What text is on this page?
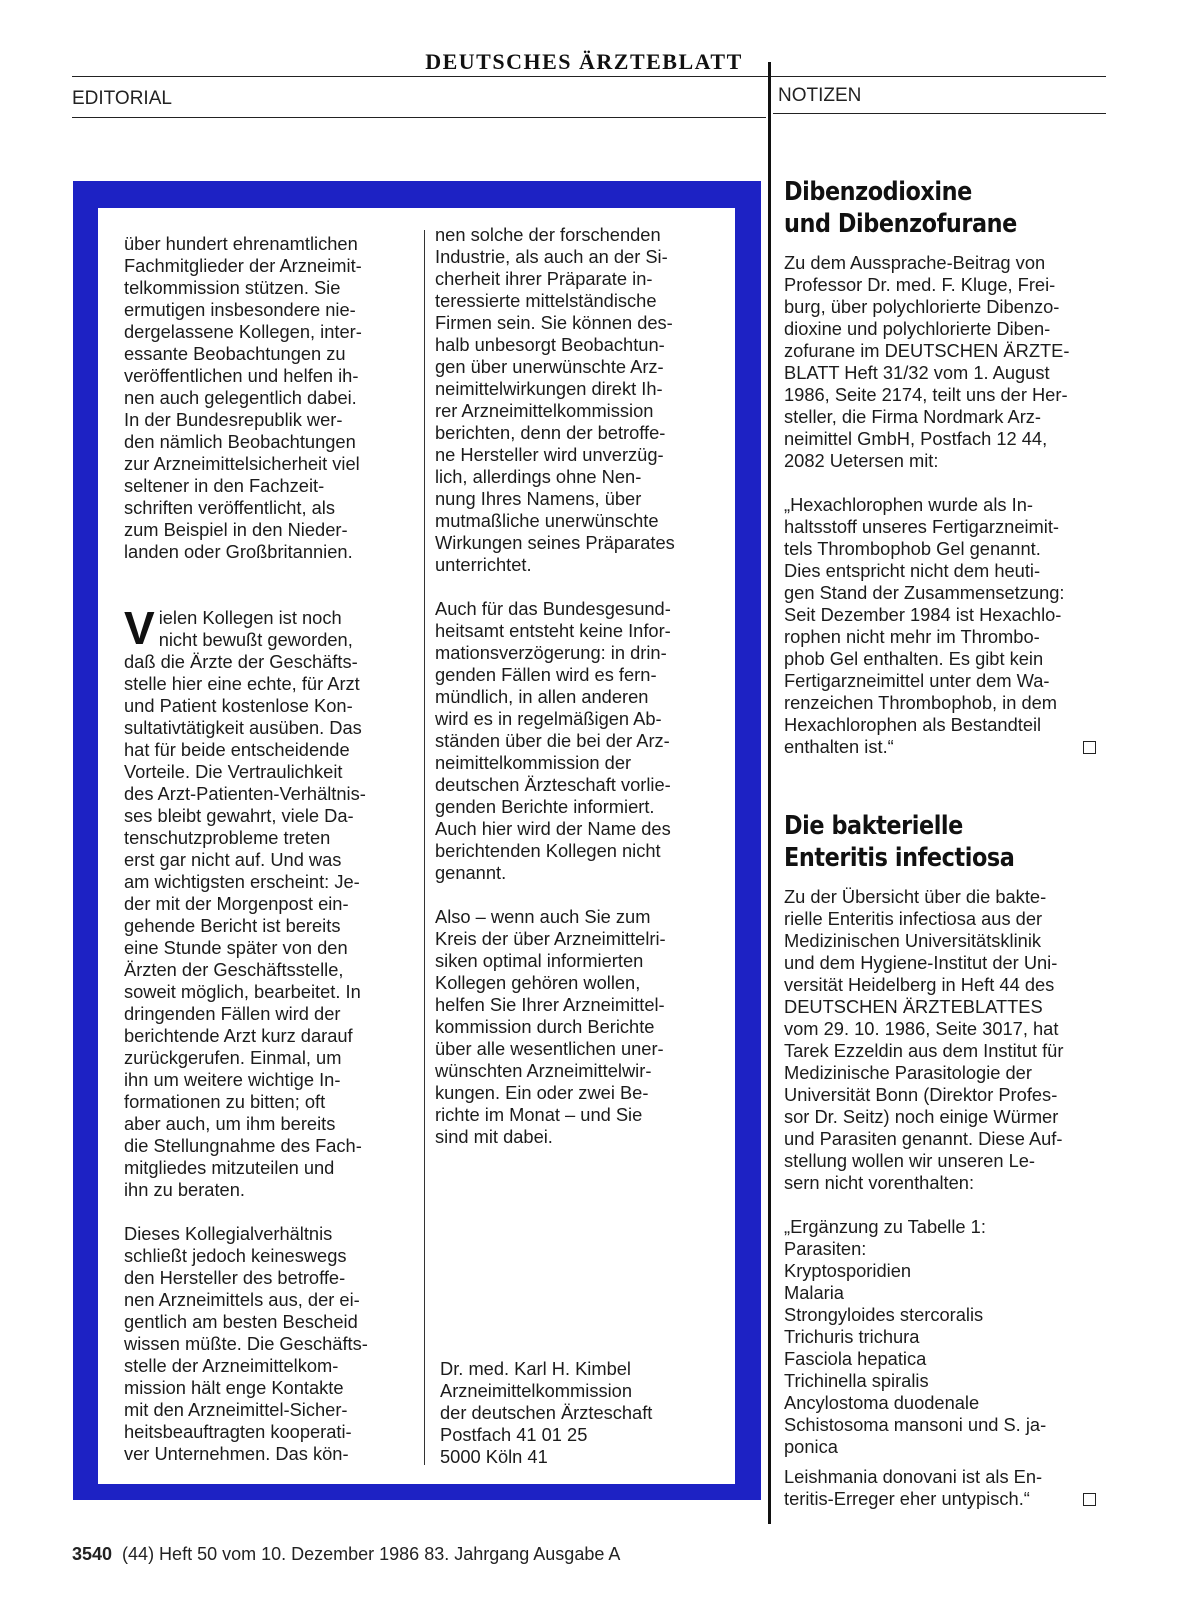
DEUTSCHES ÄRZTEBLATT
EDITORIAL	NOTIZEN
über hundert ehrenamtlichen
Fachmitglieder der Arzneimit-
telkommission stützen. Sie
ermutigen insbesondere nie-
dergelassene Kollegen, inter-
essante Beobachtungen zu
veröffentlichen und helfen ih-
nen auch gelegentlich dabei.
In der Bundesrepublik wer-
den nämlich Beobachtungen
zur Arzneimittelsicherheit viel
seltener in den Fachzeit-
schriften veröffentlicht, als
zum Beispiel in den Nieder-
landen oder Großbritannien.
V ielen Kollegen ist noch
nicht bewußt geworden,
daß die Ärzte der Geschäfts-
stelle hier eine echte, für Arzt
und Patient kostenlose Kon-
sultativtätigkeit ausüben. Das
hat für beide entscheidende
Vorteile. Die Vertraulichkeit
des Arzt-Patienten-Verhältnis-
ses bleibt gewahrt, viele Da-
tenschutzprobleme treten
erst gar nicht auf. Und was
am wichtigsten erscheint: Je-
der mit der Morgenpost ein-
gehende Bericht ist bereits
eine Stunde später von den
Ärzten der Geschäftsstelle,
soweit möglich, bearbeitet. In
dringenden Fällen wird der
berichtende Arzt kurz darauf
zurückgerufen. Einmal, um
ihn um weitere wichtige In-
formationen zu bitten; oft
aber auch, um ihm bereits
die Stellungnahme des Fach-
mitgliedes mitzuteilen und
ihn zu beraten.
Dieses Kollegialverhältnis
schließt jedoch keineswegs
den Hersteller des betroffe-
nen Arzneimittels aus, der ei-
gentlich am besten Bescheid
wissen müßte. Die Geschäfts-
stelle der Arzneimittelkom-
mission hält enge Kontakte
mit den Arzneimittel-Sicher-
heitsbeauftragten kooperati-
ver Unternehmen. Das kön-
nen solche der forschenden
Industrie, als auch an der Si-
cherheit ihrer Präparate in-
teressierte mittelständische
Firmen sein. Sie können des-
halb unbesorgt Beobachtun-
gen über unerwünschte Arz-
neimittelwirkungen direkt Ih-
rer Arzneimittelkommission
berichten, denn der betroffe-
ne Hersteller wird unverzüg-
lich, allerdings ohne Nen-
nung Ihres Namens, über
mutmaßliche unerwünschte
Wirkungen seines Präparates
unterrichtet.
Auch für das Bundesgesund-
heitsamt entsteht keine Infor-
mationsverzögerung: in drin-
genden Fällen wird es fern-
mündlich, in allen anderen
wird es in regelmäßigen Ab-
ständen über die bei der Arz-
neimittelkommission der
deutschen Ärzteschaft vorlie-
genden Berichte informiert.
Auch hier wird der Name des
berichtenden Kollegen nicht
genannt.
Also – wenn auch Sie zum
Kreis der über Arzneimittelri-
siken optimal informierten
Kollegen gehören wollen,
helfen Sie Ihrer Arzneimittel-
kommission durch Berichte
über alle wesentlichen uner-
wünschten Arzneimittelwir-
kungen. Ein oder zwei Be-
richte im Monat – und Sie
sind mit dabei.
Dr. med. Karl H. Kimbel
Arzneimittelkommission
der deutschen Ärzteschaft
Postfach 41 01 25
5000 Köln 41
Dibenzodioxine
und Dibenzofurane
Zu dem Aussprache-Beitrag von
Professor Dr. med. F. Kluge, Frei-
burg, über polychlorierte Dibenzo-
dioxine und polychlorierte Diben-
zofurane im DEUTSCHEN ÄRZTE-
BLATT Heft 31/32 vom 1. August
1986, Seite 2174, teilt uns der Her-
steller, die Firma Nordmark Arz-
neimittel GmbH, Postfach 12 44,
2082 Uetersen mit:
„Hexachlorophen wurde als In-
haltsstoff unseres Fertigarzneimit-
tels Thrombophob Gel genannt.
Dies entspricht nicht dem heuti-
gen Stand der Zusammensetzung:
Seit Dezember 1984 ist Hexachlo-
rophen nicht mehr im Thrombo-
phob Gel enthalten. Es gibt kein
Fertigarzneimittel unter dem Wa-
renzeichen Thrombophob, in dem
Hexachlorophen als Bestandteil
enthalten ist.“
Die bakterielle
Enteritis infectiosa
Zu der Übersicht über die bakte-
rielle Enteritis infectiosa aus der
Medizinischen Universitätsklinik
und dem Hygiene-Institut der Uni-
versität Heidelberg in Heft 44 des
DEUTSCHEN ÄRZTEBLATTES
vom 29. 10. 1986, Seite 3017, hat
Tarek Ezzeldin aus dem Institut für
Medizinische Parasitologie der
Universität Bonn (Direktor Profes-
sor Dr. Seitz) noch einige Würmer
und Parasiten genannt. Diese Auf-
stellung wollen wir unseren Le-
sern nicht vorenthalten:
„Ergänzung zu Tabelle 1:
Parasiten:
Kryptosporidien
Malaria
Strongyloides stercoralis
Trichuris trichura
Fasciola hepatica
Trichinella spiralis
Ancylostoma duodenale
Schistosoma mansoni und S. ja-
ponica
Leishmania donovani ist als En-
teritis-Erreger eher untypisch.“
3540 (44) Heft 50 vom 10. Dezember 1986 83. Jahrgang Ausgabe A
